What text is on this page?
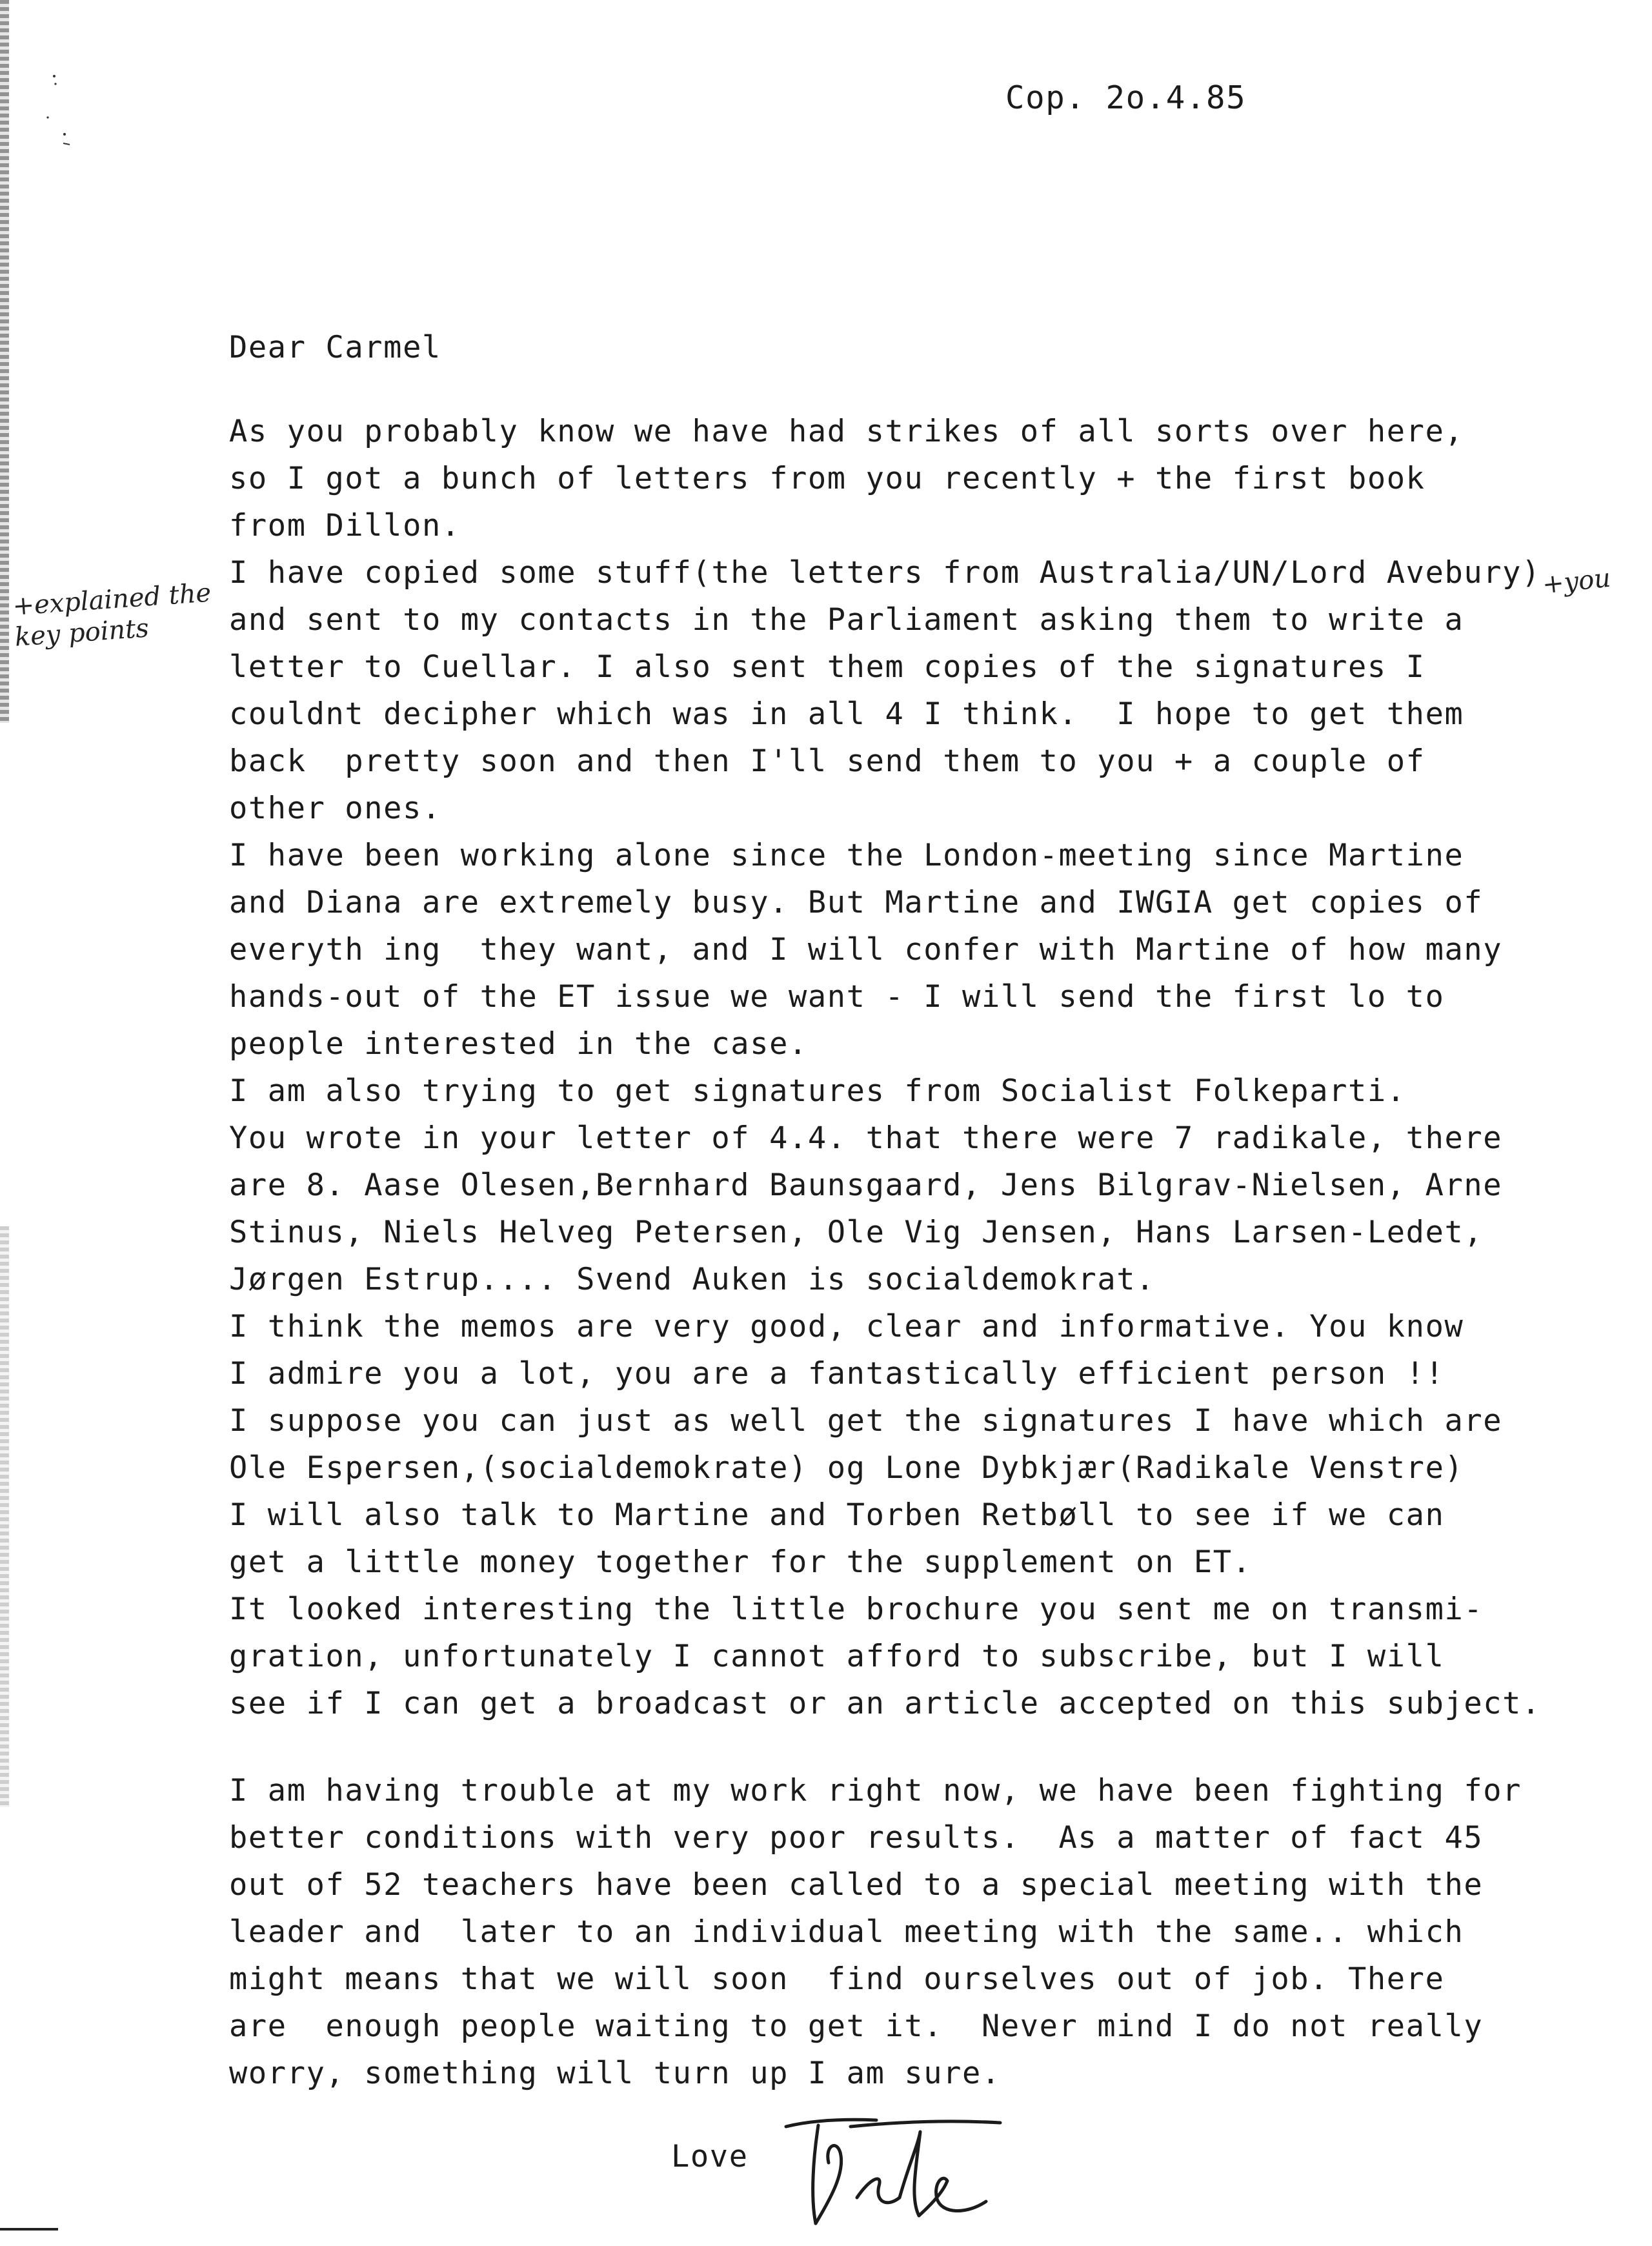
Cop. 2o.4.85
Dear Carmel
As you probably know we have had strikes of all sorts over here,
so I got a bunch of letters from you recently + the first book
from Dillon.
I have copied some stuff(the letters from Australia/UN/Lord Avebury)
and sent to my contacts in the Parliament asking them to write a
letter to Cuellar. I also sent them copies of the signatures I
couldnt decipher which was in all 4 I think.  I hope to get them
back  pretty soon and then I'll send them to you + a couple of
other ones.
I have been working alone since the London-meeting since Martine
and Diana are extremely busy. But Martine and IWGIA get copies of
everyth ing  they want, and I will confer with Martine of how many
hands-out of the ET issue we want - I will send the first lo to
people interested in the case.
I am also trying to get signatures from Socialist Folkeparti.
You wrote in your letter of 4.4. that there were 7 radikale, there
are 8. Aase Olesen,Bernhard Baunsgaard, Jens Bilgrav-Nielsen, Arne
Stinus, Niels Helveg Petersen, Ole Vig Jensen, Hans Larsen-Ledet,
Jørgen Estrup.... Svend Auken is socialdemokrat.
I think the memos are very good, clear and informative. You know
I admire you a lot, you are a fantastically efficient person !!
I suppose you can just as well get the signatures I have which are
Ole Espersen,(socialdemokrate) og Lone Dybkjær(Radikale Venstre)
I will also talk to Martine and Torben Retbøll to see if we can
get a little money together for the supplement on ET.
It looked interesting the little brochure you sent me on transmi-
gration, unfortunately I cannot afford to subscribe, but I will
see if I can get a broadcast or an article accepted on this subject.
I am having trouble at my work right now, we have been fighting for
better conditions with very poor results.  As a matter of fact 45
out of 52 teachers have been called to a special meeting with the
leader and  later to an individual meeting with the same.. which
might means that we will soon  find ourselves out of job. There
are  enough people waiting to get it.  Never mind I do not really
worry, something will turn up I am sure.
Love
+explained the
key points
+you
